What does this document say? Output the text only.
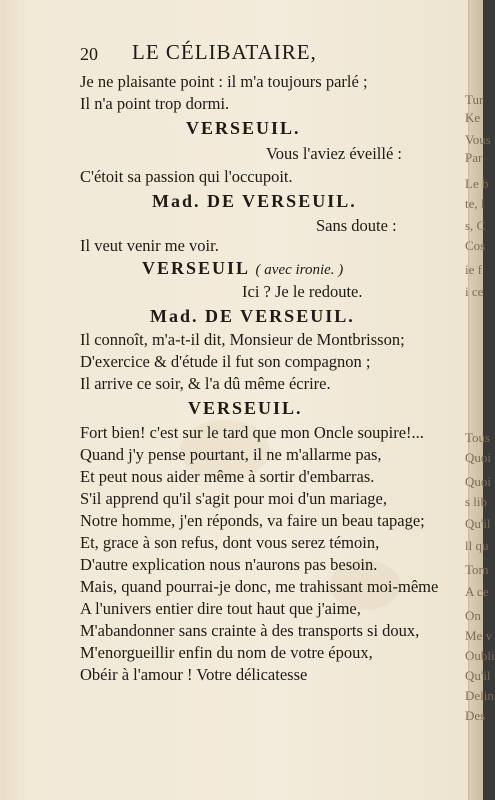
20 LE CÉLIBATAIRE,
Je ne plaisante point : il m'a toujours parlé ;
Il n'a point trop dormi.
VERSEUIL.
Vous l'aviez éveillé :
C'étoit sa passion qui l'occupoit.
Mad. DE VERSEUIL.
Sans doute :
Il veut venir me voir.
VERSEUIL ( avec ironie. )
Ici ? Je le redoute.
Mad. DE VERSEUIL.
Il connoît, m'a-t-il dit, Monsieur de Montbrisson;
D'exercice & d'étude il fut son compagnon ;
Il arrive ce soir, & l'a dû même écrire.
VERSEUIL.
Fort bien! c'est sur le tard que mon Oncle soupire!...
Quand j'y pense pourtant, il ne m'allarme pas,
Et peut nous aider même à sortir d'embarras.
S'il apprend qu'il s'agit pour moi d'un mariage,
Notre homme, j'en réponds, va faire un beau tapage;
Et, grace à son refus, dont vous serez témoin,
D'autre explication nous n'aurons pas besoin.
Mais, quand pourrai-je donc, me trahissant moi-même
A l'univers entier dire tout haut que j'aime,
M'abandonner sans crainte à des transports si doux,
M'enorgueillir enfin du nom de votre époux,
Obéir à l'amour ! Votre délicatesse
Tur
Ke
Vous
Par
Le b
te, l
s, C
Cos
ie f
i ce
Tous
Quoi
Quoi
s lib
Qu'il
ll qu
Tom
A ce
On
Me v
Oubli
Qu'il
Delin
Des
